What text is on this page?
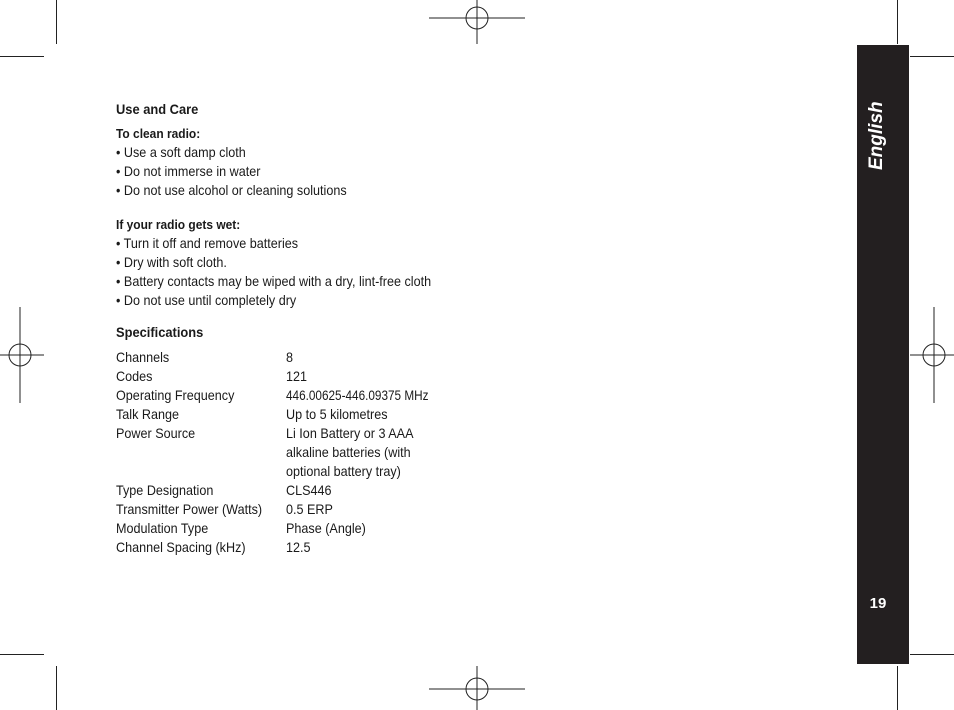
Use and Care
To clean radio:
• Use a soft damp cloth
• Do not immerse in water
• Do not use alcohol or cleaning solutions
If your radio gets wet:
• Turn it off and remove batteries
• Dry with soft cloth.
• Battery contacts may be wiped with a dry, lint-free cloth
• Do not use until completely dry
Specifications
Channels	8
Codes	121
Operating Frequency	446.00625-446.09375 MHz
Talk Range	Up to 5 kilometres
Power Source	Li Ion Battery or 3 AAA
alkaline batteries (with
optional battery tray)
Type Designation	CLS446
Transmitter Power (Watts)	0.5 ERP
Modulation Type	Phase (Angle)
Channel Spacing (kHz)	12.5
English
19
